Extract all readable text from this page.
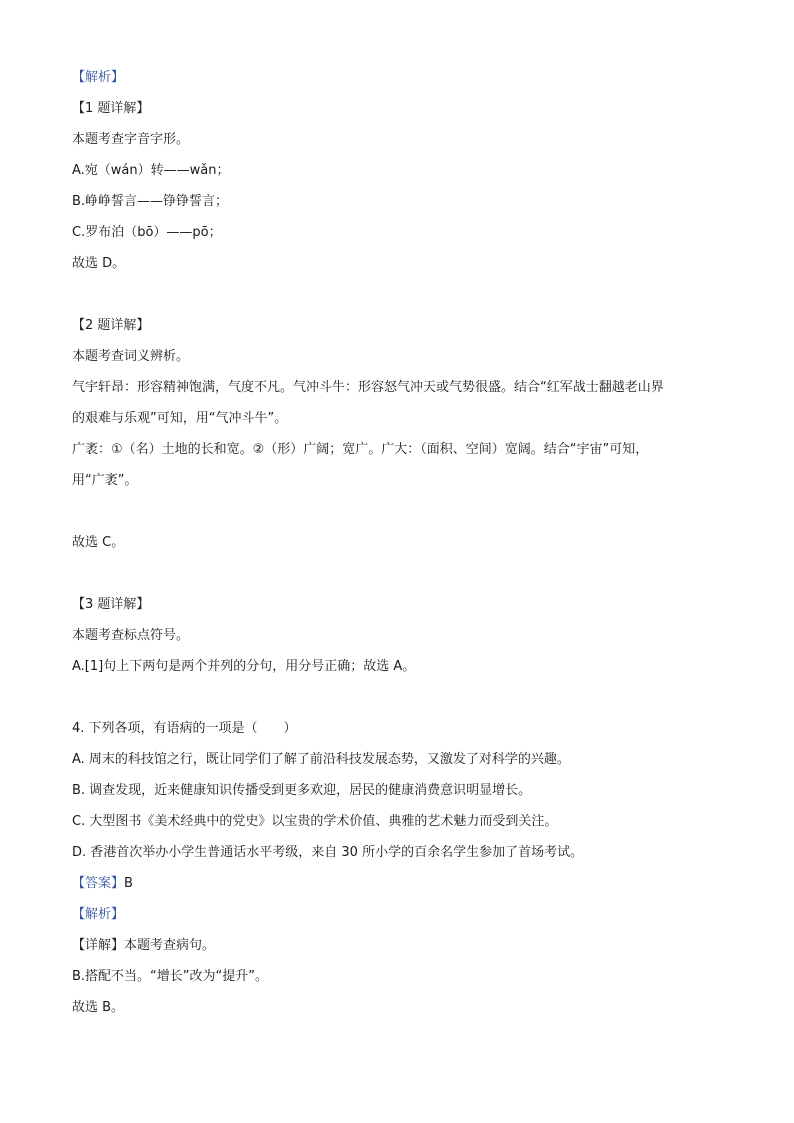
【解析】
【1 题详解】
本题考查字音字形。
A.宛（wán）转——wǎn；
B.峥峥誓言——铮铮誓言；
C.罗布泊（bō）——pō；
故选 D。
【2 题详解】
本题考查词义辨析。
气宇轩昂：形容精神饱满，气度不凡。气冲斗牛：形容怒气冲天或气势很盛。结合“红军战士翻越老山界
的艰难与乐观”可知，用“气冲斗牛”。
广袤：①（名）土地的长和宽。②（形）广阔；宽广。广大：（面积、空间）宽阔。结合“宇宙”可知，
用“广袤”。
故选 C。
【3 题详解】
本题考查标点符号。
A.[1]句上下两句是两个并列的分句，用分号正确；故选 A。
4. 下列各项，有语病的一项是（　　）
A. 周末的科技馆之行，既让同学们了解了前沿科技发展态势，又激发了对科学的兴趣。
B. 调查发现，近来健康知识传播受到更多欢迎，居民的健康消费意识明显增长。
C. 大型图书《美术经典中的党史》以宝贵的学术价值、典雅的艺术魅力而受到关注。
D. 香港首次举办小学生普通话水平考级，来自 30 所小学的百余名学生参加了首场考试。
【答案】B
【解析】
【详解】本题考查病句。
B.搭配不当。“增长”改为“提升”。
故选 B。
